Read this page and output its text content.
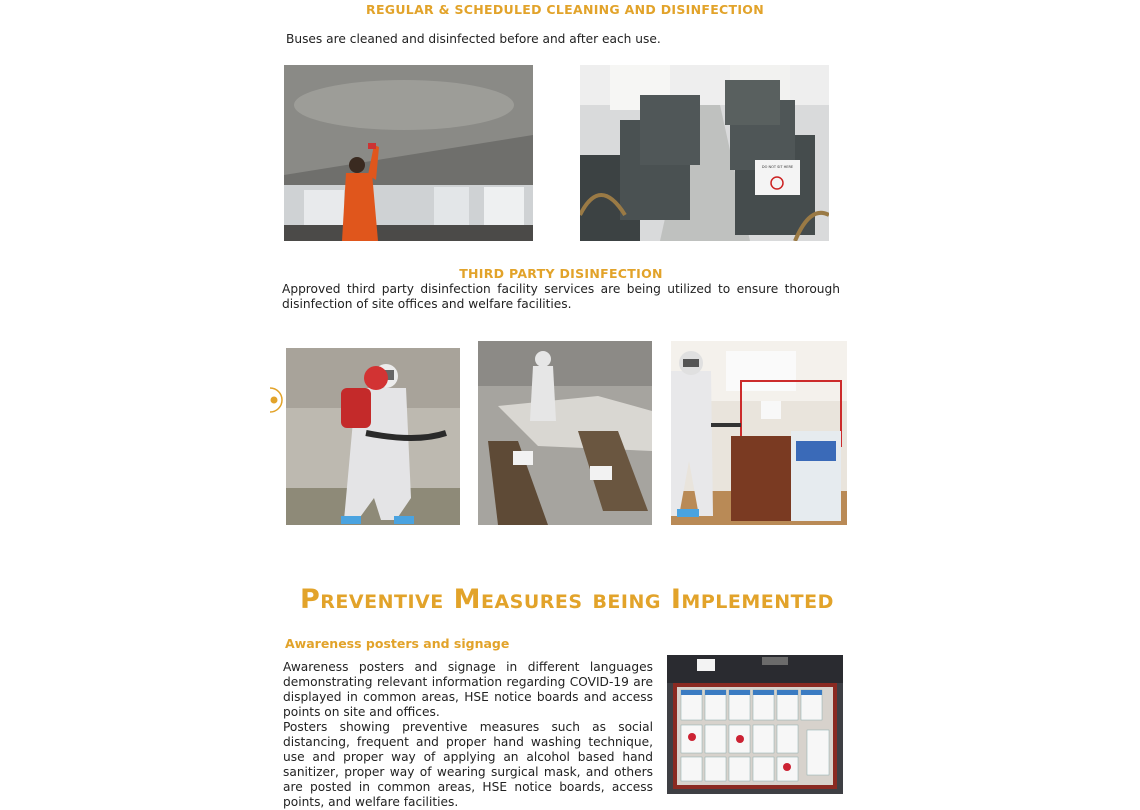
REGULAR & SCHEDULED CLEANING AND DISINFECTION
Buses are cleaned and disinfected before and after each use.
DO NOT SIT HERE
THIRD PARTY DISINFECTION
Approved third party disinfection facility services are being utilized to ensure thorough disinfection of site offices and welfare facilities.
Preventive Measures being Implemented
Awareness posters and signage
Awareness posters and signage in different languages demonstrating relevant information regarding COVID-19 are displayed in common areas, HSE notice boards and access points on site and offices.
Posters showing preventive measures such as social distancing, frequent and proper hand washing technique, use and proper way of applying an alcohol based hand sanitizer, proper way of wearing surgical mask, and others are posted in common areas, HSE notice boards, access points, and welfare facilities.
